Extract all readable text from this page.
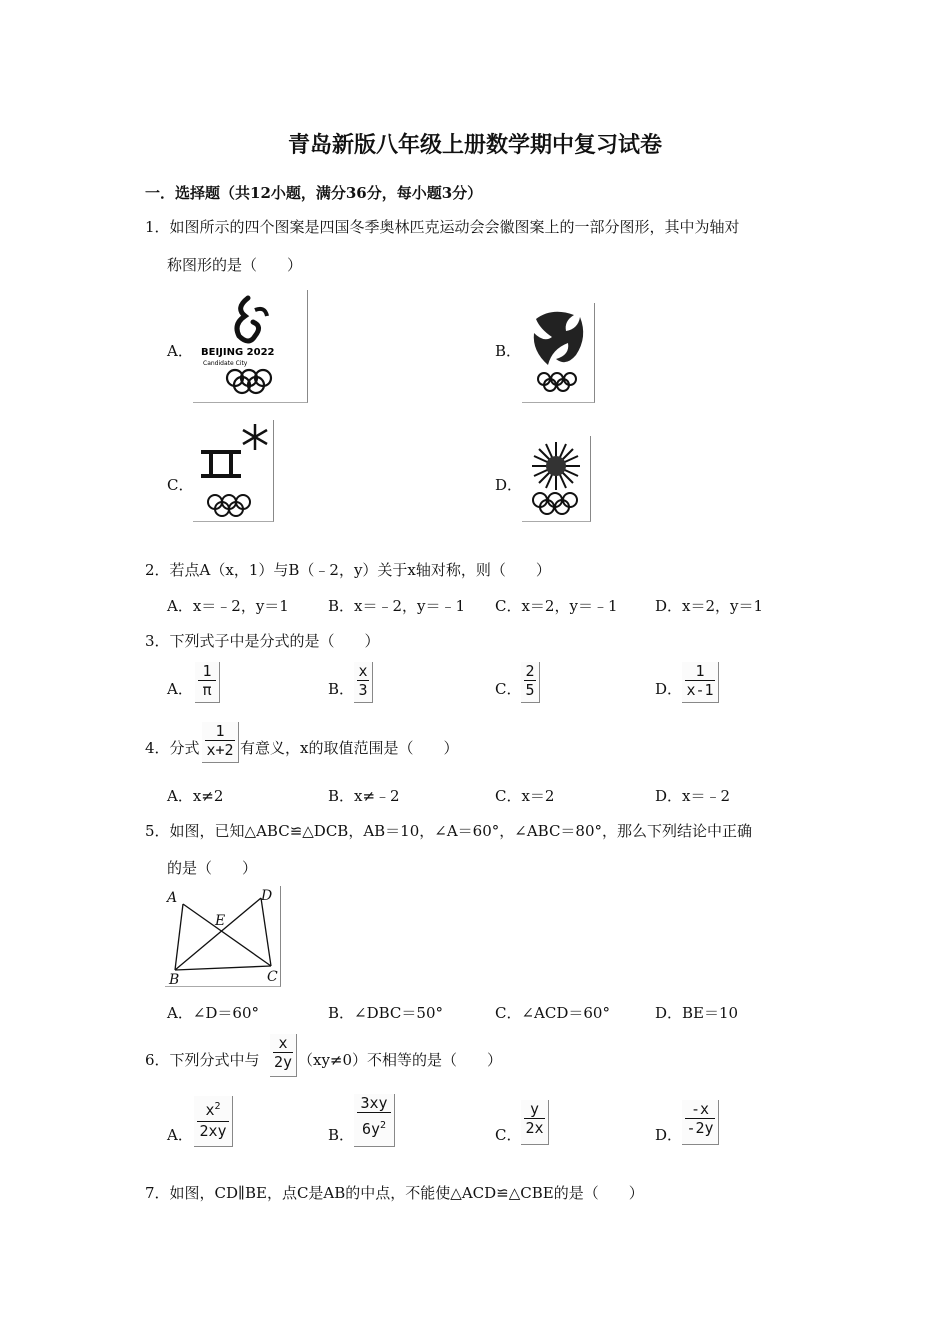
青岛新版八年级上册数学期中复习试卷
一．选择题（共12小题，满分36分，每小题3分）
1．如图所示的四个图案是四国冬季奥林匹克运动会会徽图案上的一部分图形，其中为轴对
称图形的是（　　）
A． BEIJING 2022
Candidate City
B．
C．	D．
2．若点A（x，1）与B（﹣2，y）关于x轴对称，则（　　）
A．x＝﹣2，y＝1	B．x＝﹣2，y＝﹣1 C．x＝2，y＝﹣1	D．x＝2，y＝1
3．下列式子中是分式的是（　　）
A．
1
π	B．
x
3	C．
2
5	D．
1
x-1
4．分式
1
x+2 有意义，x的取值范围是（　　）
A．x≠2	B．x≠﹣2	C．x＝2	D．x＝﹣2
5．如图，已知△ABC≌△DCB，AB＝10，∠A＝60°，∠ABC＝80°，那么下列结论中正确
的是（　　）
A	D
E
B	C
A．∠D＝60°	B．∠DBC＝50°	C．∠ACD＝60°	D．BE＝10
6．下列分式中与
x
2y （xy≠0）不相等的是（　　）
A．
$x^2$
2xy	B．
3xy
$6y^2$
C．
y
2x	D．
-x
-2y
7．如图，CD∥BE，点C是AB的中点，不能使△ACD≌△CBE的是（　　）
